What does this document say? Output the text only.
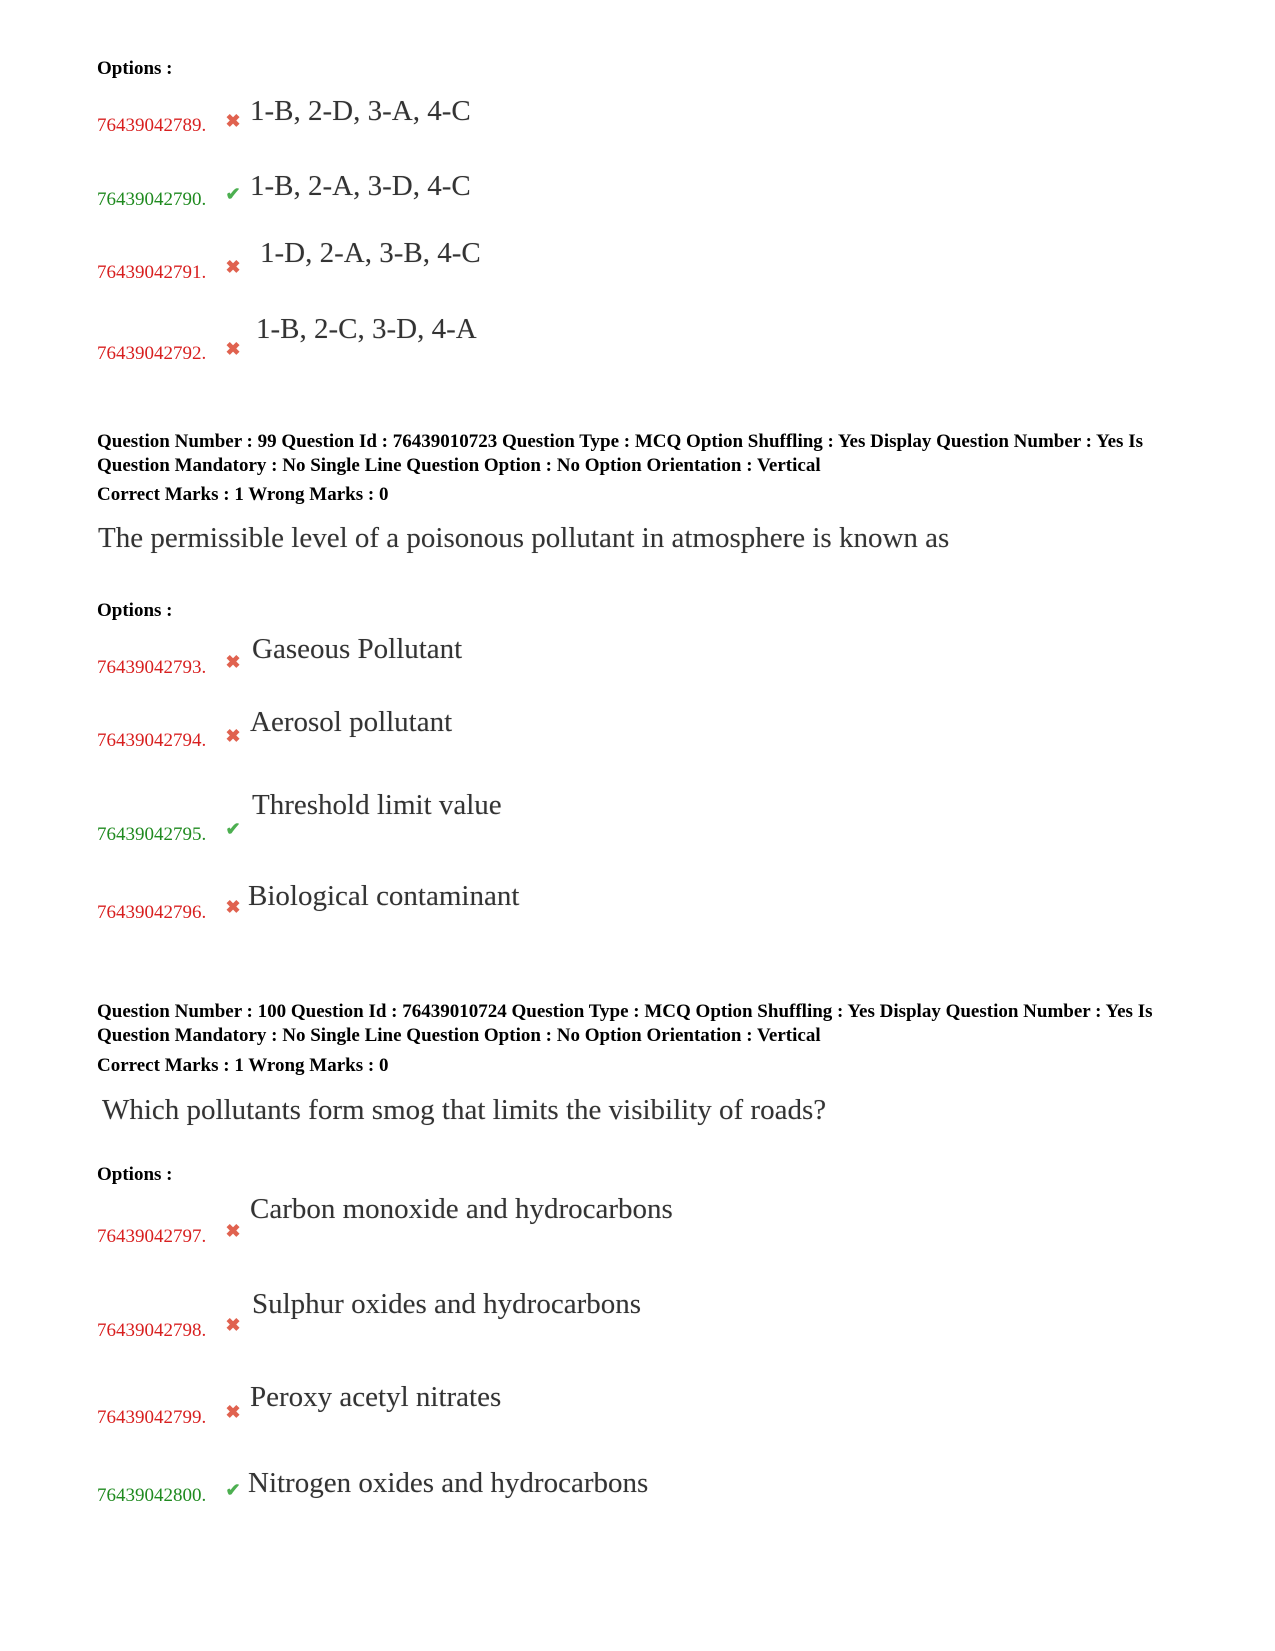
Options :
76439042789. ✖ 1-B, 2-D, 3-A, 4-C
76439042790. ✔ 1-B, 2-A, 3-D, 4-C
76439042791. ✖ 1-D, 2-A, 3-B, 4-C
76439042792. ✖
1-B, 2-C, 3-D, 4-A
Question Number : 99 Question Id : 76439010723 Question Type : MCQ Option Shuffling : Yes Display Question Number : Yes Is Question Mandatory : No Single Line Question Option : No Option Orientation : Vertical
Correct Marks : 1 Wrong Marks : 0
The permissible level of a poisonous pollutant in atmosphere is known as
Options :
76439042793. ✖ Gaseous Pollutant
76439042794. ✖ Aerosol pollutant
76439042795. ✔
Threshold limit value
76439042796. ✖ Biological contaminant
Question Number : 100 Question Id : 76439010724 Question Type : MCQ Option Shuffling : Yes Display Question Number : Yes Is Question Mandatory : No Single Line Question Option : No Option Orientation : Vertical
Correct Marks : 1 Wrong Marks : 0
Which pollutants form smog that limits the visibility of roads?
Options :
76439042797. ✖
Carbon monoxide and hydrocarbons
76439042798. ✖
Sulphur oxides and hydrocarbons
76439042799. ✖ Peroxy acetyl nitrates
76439042800. ✔ Nitrogen oxides and hydrocarbons
